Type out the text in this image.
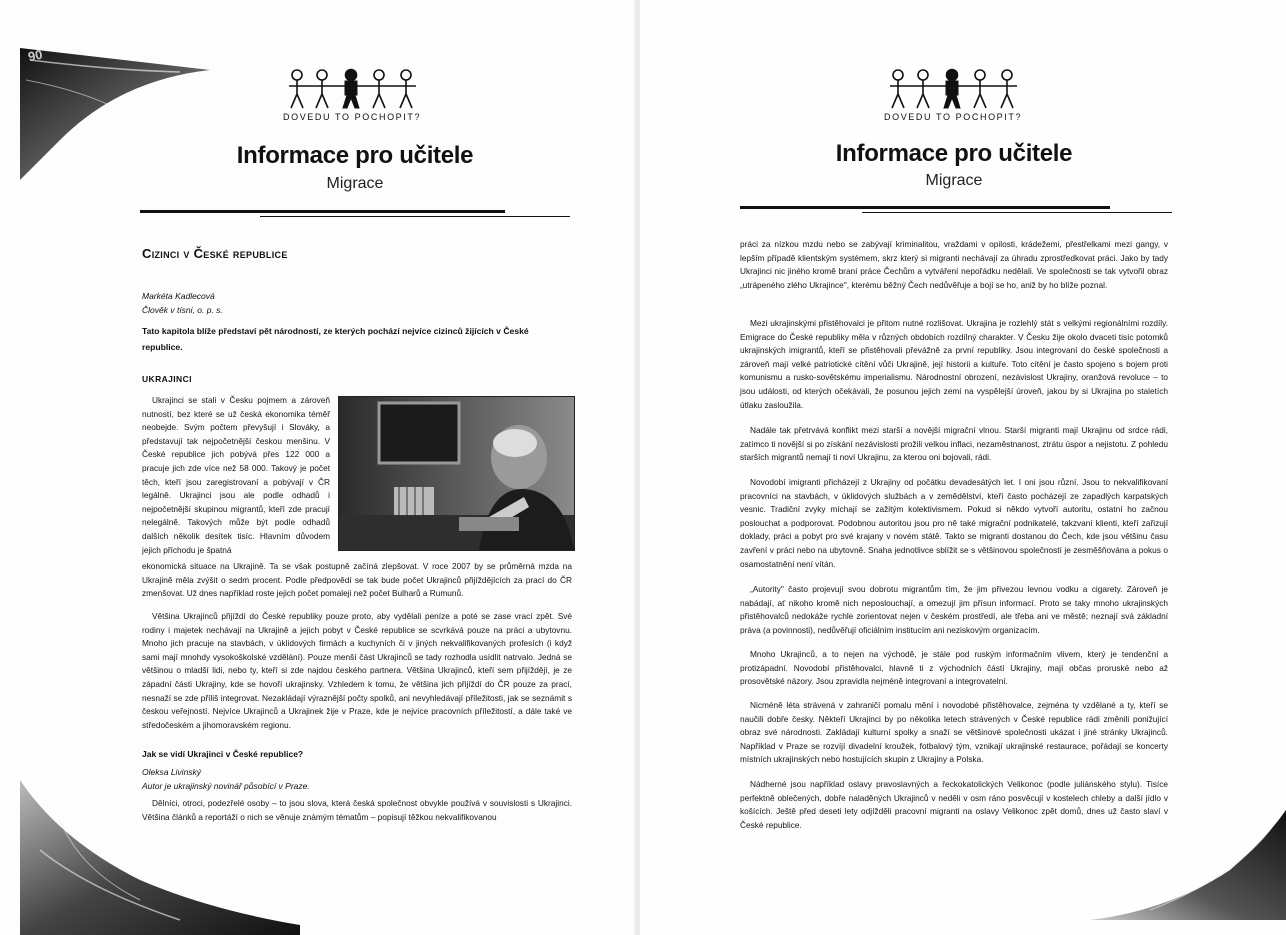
90
DOVEDU TO POCHOPIT?
Informace pro učitele
Migrace
Cizinci v České republice
Markéta Kadlecová
Člověk v tísni, o. p. s.
Tato kapitola blíže představí pět národností, ze kterých pochází nejvíce cizinců žijících v České republice.
UKRAJINCI
Ukrajinci se stali v Česku pojmem a zároveň nutností, bez které se už česká ekonomika téměř neobejde. Svým počtem převyšují i Slováky, a představují tak nejpočetnější českou menšinu. V České republice jich pobývá přes 122 000 a pracuje jich zde více než 58 000. Takový je počet těch, kteří jsou zaregistrovaní a pobývají v ČR legálně. Ukrajinci jsou ale podle odhadů i nejpočetnější skupinou migrantů, kteří zde pracují nelegálně. Takových může být podle odhadů dalších několik desítek tisíc. Hlavním důvodem jejich příchodu je špatná
ekonomická situace na Ukrajině. Ta se však postupně začíná zlepšovat. V roce 2007 by se průměrná mzda na Ukrajině měla zvýšit o sedm procent. Podle předpovědí se tak bude počet Ukrajinců přijíždějících za prací do ČR zmenšovat. Už dnes například roste jejich počet pomaleji než počet Bulharů a Rumunů.
Většina Ukrajinců přijíždí do České republiky pouze proto, aby vydělali peníze a poté se zase vrací zpět. Své rodiny i majetek nechávají na Ukrajině a jejich pobyt v České republice se scvrkává pouze na práci a ubytovnu. Mnoho jich pracuje na stavbách, v úklidových firmách a kuchyních či v jiných nekvalifikovaných profesích (i když sami mají mnohdy vysokoškolské vzdělání). Pouze menší část Ukrajinců se tady rozhodla usídlit natrvalo. Jedná se většinou o mladší lidi, nebo ty, kteří si zde najdou českého partnera. Většina Ukrajinců, kteří sem přijíždějí, je ze západní části Ukrajiny, kde se hovoří ukrajinsky. Vzhledem k tomu, že většina jich přijíždí do ČR pouze za prací, nesnaží se zde příliš integrovat. Nezakládají výraznější počty spolků, ani nevyhledávají příležitosti, jak se seznámit s českou veřejností. Nejvíce Ukrajinců a Ukrajinek žije v Praze, kde je nejvíce pracovních příležitostí, a dále také ve středočeském a jihomoravském regionu.
Jak se vidí Ukrajinci v České republice?
Oleksa Livinský
Autor je ukrajinský novinář působící v Praze.
Dělníci, otroci, podezřelé osoby – to jsou slova, která česká společnost obvykle používá v souvislosti s Ukrajinci. Většina článků a reportáží o nich se věnuje známým tématům – popisují těžkou nekvalifikovanou
DOVEDU TO POCHOPIT?
Informace pro učitele
Migrace
práci za nízkou mzdu nebo se zabývají kriminalitou, vraždami v opilosti, krádežemi, přestřelkami mezi gangy, v lepším případě klientským systémem, skrz který si migranti nechávají za úhradu zprostředkovat práci. Jako by tady Ukrajinci nic jiného kromě braní práce Čechům a vytváření nepořádku nedělali. Ve společnosti se tak vytvořil obraz „utrápeného zlého Ukrajince", kterému běžný Čech nedůvěřuje a bojí se ho, aniž by ho blíže poznal.
Mezi ukrajinskými přistěhovalci je přitom nutné rozlišovat. Ukrajina je rozlehlý stát s velkými regionálními rozdíly. Emigrace do České republiky měla v různých obdobích rozdílný charakter. V Česku žije okolo dvaceti tisíc potomků ukrajinských imigrantů, kteří se přistěhovali převážně za první republiky. Jsou integrovaní do české společnosti a zároveň mají velké patriotické cítění vůči Ukrajině, její historii a kultuře. Toto cítění je často spojeno s bojem proti komunismu a rusko-sovětskému imperialismu. Národnostní obrození, nezávislost Ukrajiny, oranžová revoluce – to jsou události, od kterých očekávali, že posunou jejich zemi na vyspělejší úroveň, jakou by si Ukrajina po staletích útlaku zasloužila.
Nadále tak přetrvává konflikt mezi starší a novější migrační vlnou. Starší migranti mají Ukrajinu od srdce rádi, zatímco ti novější si po získání nezávislosti prožili velkou inflaci, nezaměstnanost, ztrátu úspor a nejistotu. Z pohledu starších migrantů nemají ti noví Ukrajinu, za kterou oni bojovali, rádi.
Novodobí imigranti přicházejí z Ukrajiny od počátku devadesátých let. I oni jsou různí. Jsou to nekvalifikovaní pracovníci na stavbách, v úklidových službách a v zemědělství, kteří často pocházejí ze zapadlých karpatských vesnic. Tradiční zvyky míchají se zažitým kolektivismem. Pokud si někdo vytvoří autoritu, ostatní ho začnou poslouchat a podporovat. Podobnou autoritou jsou pro ně také migrační podnikatelé, takzvaní klienti, kteří zařizují doklady, práci a pobyt pro své krajany v novém státě. Takto se migranti dostanou do Čech, kde jsou většinu času zavření v práci nebo na ubytovně. Snaha jednotlivce sblížit se s většinovou společností je zesměšňována a pokus o osamostatnění není vítán.
„Autority" často projevují svou dobrotu migrantům tím, že jim přivezou levnou vodku a cigarety. Zároveň je nabádají, ať nikoho kromě nich neposlouchají, a omezují jim přísun informací. Proto se taky mnoho ukrajinských přistěhovalců nedokáže rychle zorientovat nejen v českém prostředí, ale třeba ani ve městě; neznají svá základní práva (a povinnosti), nedůvěřují oficiálním institucím ani neziskovým organizacím.
Mnoho Ukrajinců, a to nejen na východě, je stále pod ruským informačním vlivem, který je tendenční a protizápadní. Novodobí přistěhovalci, hlavně ti z východních částí Ukrajiny, mají občas proruské nebo až prosovětské názory. Jsou zpravidla nejméně integrovaní a integrovatelní.
Nicméně léta strávená v zahraničí pomalu mění i novodobé přistěhovalce, zejména ty vzdělané a ty, kteří se naučili dobře česky. Někteří Ukrajinci by po několika letech strávených v České republice rádi změnili ponižující obraz své národnosti. Zakládají kulturní spolky a snaží se většinové společnosti ukázat i jiné stránky Ukrajinců. Například v Praze se rozvíjí divadelní kroužek, fotbalový tým, vznikají ukrajinské restaurace, pořádají se koncerty místních ukrajinských nebo hostujících skupin z Ukrajiny a Polska.
Nádherné jsou například oslavy pravoslavných a řeckokatolických Velikonoc (podle juliánského stylu). Tisíce perfektně oblečených, dobře naladěných Ukrajinců v neděli v osm ráno posvěcují v kostelech chleby a další jídlo v košících. Ještě před deseti lety odjížděli pracovní migranti na oslavy Velikonoc zpět domů, dnes už často slaví v České republice.
